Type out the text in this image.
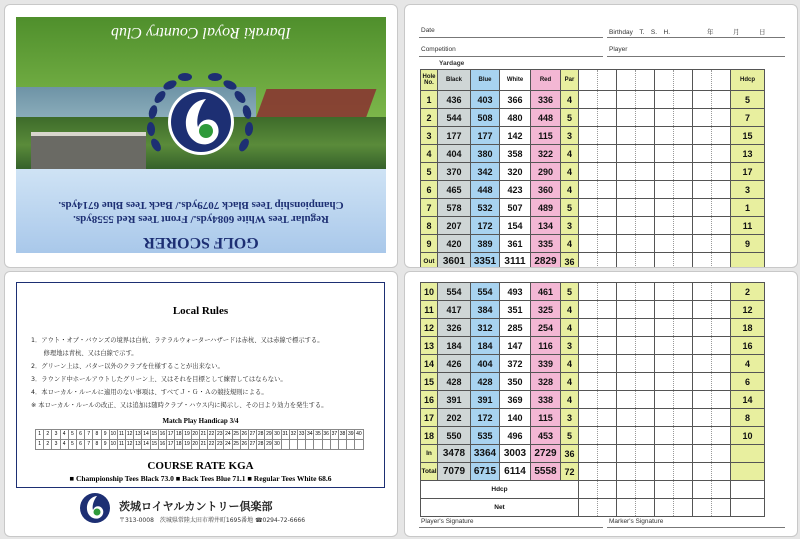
Ibaraki Royal Country Club
Championship Tees Black 7079yds./ Back Tees Blue 6714yds.
Regular Tees White 6084yds./ Front Tees Red 5558yds.
GOLF SCORER
Local Rules
1．アウト・オブ・バウンズの境界は白杭、ラテラルウォーターハザードは赤杭、又は赤線で標示する。
　　修理地は青杭、又は白線で示す。
2．グリーン上は、パター以外のクラブを仕様することが出来ない。
3．ラウンド中ホールアウトしたグリーン上、又はそれを目標として練習してはならない。
4．本ローカル・ルールに適用のない事項は、すべてＪ・Ｇ・Ａの競技規則による。
※ 本ローカル・ルールの改正、又は追加は随時クラブ・ハウス内に掲示し、その日より効力を発生する。
Match Play Handicap 3/4
1	2	3	4	5	6	7	8	9	10	11	12	13	14	15	16	17	18	19	20	21	22	23	24	25	26	27	28	29	30	31	32	33	34	35	36	37	38	39	40
1	2	3	4	5	6	7	8	9	10	11	12	13	14	15	16	17	18	19	20	21	22	23	24	25	26	27	28	29	30										
COURSE RATE KGA
■ Championship Tees Black 73.0 ■ Back Tees Blue 71.1 ■ Regular Tees White 68.6
茨城ロイヤルカントリー倶楽部
〒313-0008　茨城県常陸太田市増井町1695番地 ☎0294-72-6666
Date	Birthday　T.　S.　H.	年　　　月　　　日
Competition	Player
Yardage
Hole No.	Black	Blue	White	Red	Par									Hdcp
1	436	403	366	336	4									5
2	544	508	480	448	5									7
3	177	177	142	115	3									15
4	404	380	358	322	4									13
5	370	342	320	290	4									17
6	465	448	423	360	4									3
7	578	532	507	489	5									1
8	207	172	154	134	3									11
9	420	389	361	335	4									9
Out	3601	3351	3111	2829	36									
10	554	554	493	461	5									2
11	417	384	351	325	4									12
12	326	312	285	254	4									18
13	184	184	147	116	3									16
14	426	404	372	339	4									4
15	428	428	350	328	4									6
16	391	391	369	338	4									14
17	202	172	140	115	3									8
18	550	535	496	453	5									10
In	3478	3364	3003	2729	36									
Total	7079	6715	6114	5558	72									
Hdcp														
Net														
Player's Signature	Marker's Signature
